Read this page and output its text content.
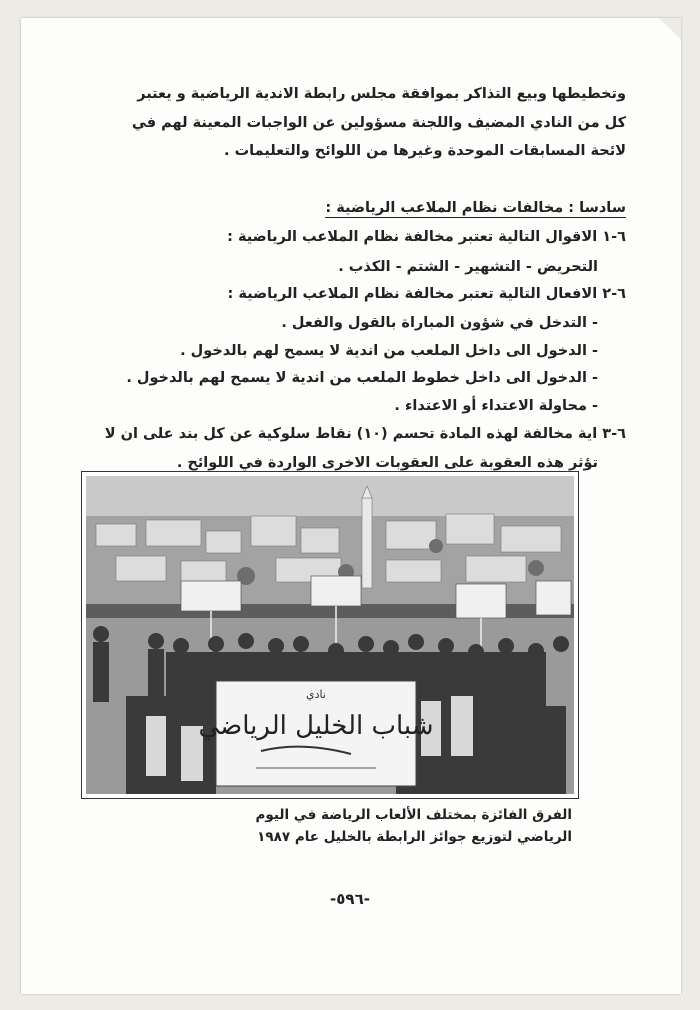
وتخطيطها وبيع التذاكر بموافقة مجلس رابطة الاندية الرياضية و يعتبر
كل من النادي المضيف واللجنة مسؤولين عن الواجبات المعينة لهم في
لائحة المسابقات الموحدة وغيرها من اللوائح والتعليمات .
سادسا : مخالفات نظام الملاعب الرياضية :
٦-١ الاقوال التالية تعتبر مخالفة نظام الملاعب الرياضية :
التحريض - التشهير - الشتم - الكذب .
٦-٢ الافعال التالية تعتبر مخالفة نظام الملاعب الرياضية :
- التدخل في شؤون المباراة بالقول والفعل .
- الدخول الى داخل الملعب من اندية لا يسمح لهم بالدخول .
- الدخول الى داخل خطوط الملعب من اندية لا يسمح لهم بالدخول .
- محاولة الاعتداء أو الاعتداء .
٦-٣ اية مخالفة لهذه المادة تحسم (١٠) نقاط سلوكية عن كل بند على ان لا
تؤثر هذه العقوبة على العقوبات الاخرى الواردة في اللوائح .
نادي
شباب الخليل الرياضي
الفرق الفائزة بمختلف الألعاب الرياضة في اليوم
الرياضي لتوزيع جوائز الرابطة بالخليل عام ١٩٨٧
-٥٩٦-
